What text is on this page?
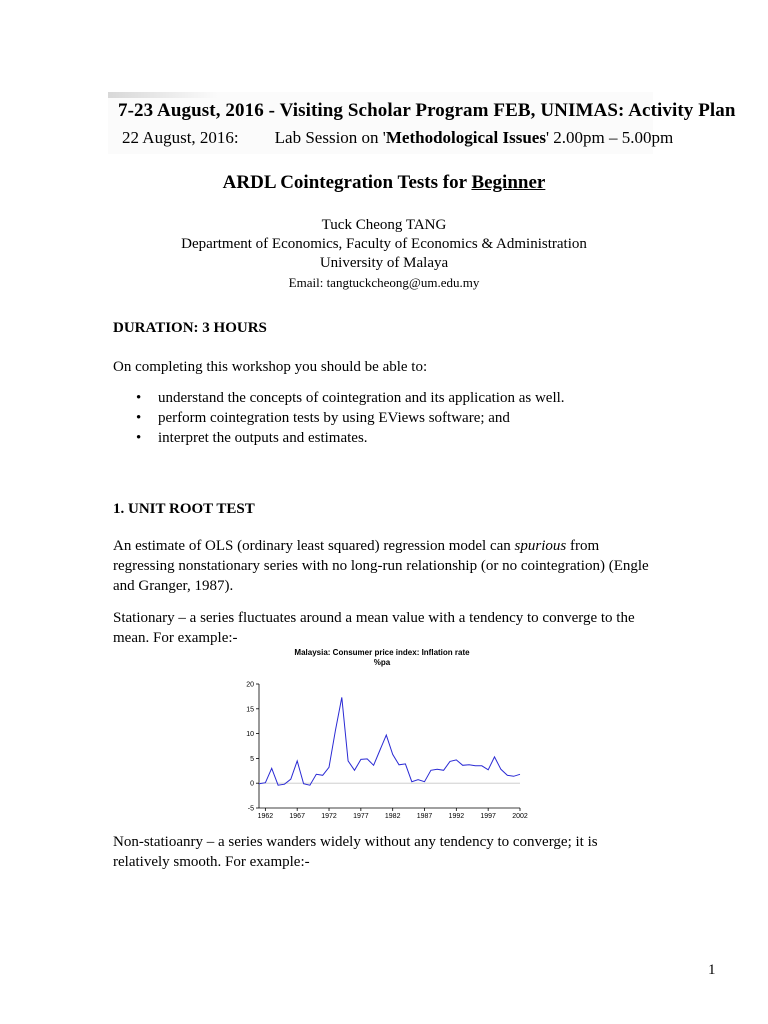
7-23 August, 2016 - Visiting Scholar Program FEB, UNIMAS: Activity Plan
22 August, 2016: Lab Session on 'Methodological Issues' 2.00pm – 5.00pm
ARDL Cointegration Tests for Beginner
Tuck Cheong TANG
Department of Economics, Faculty of Economics & Administration
University of Malaya
Email: tangtuckcheong@um.edu.my
DURATION: 3 HOURS
On completing this workshop you should be able to:
• understand the concepts of cointegration and its application as well.
• perform cointegration tests by using EViews software; and
• interpret the outputs and estimates.
1. UNIT ROOT TEST
An estimate of OLS (ordinary least squared) regression model can spurious from regressing nonstationary series with no long-run relationship (or no cointegration) (Engle and Granger, 1987).
Stationary – a series fluctuates around a mean value with a tendency to converge to the mean. For example:-
Malaysia: Consumer price index: Inflation rate
%pa
20
15
10
5
0
-5
1962 1967 1972 1977 1982 1987 1992 1997 2002
Non-statioanry – a series wanders widely without any tendency to converge; it is relatively smooth. For example:-
1
